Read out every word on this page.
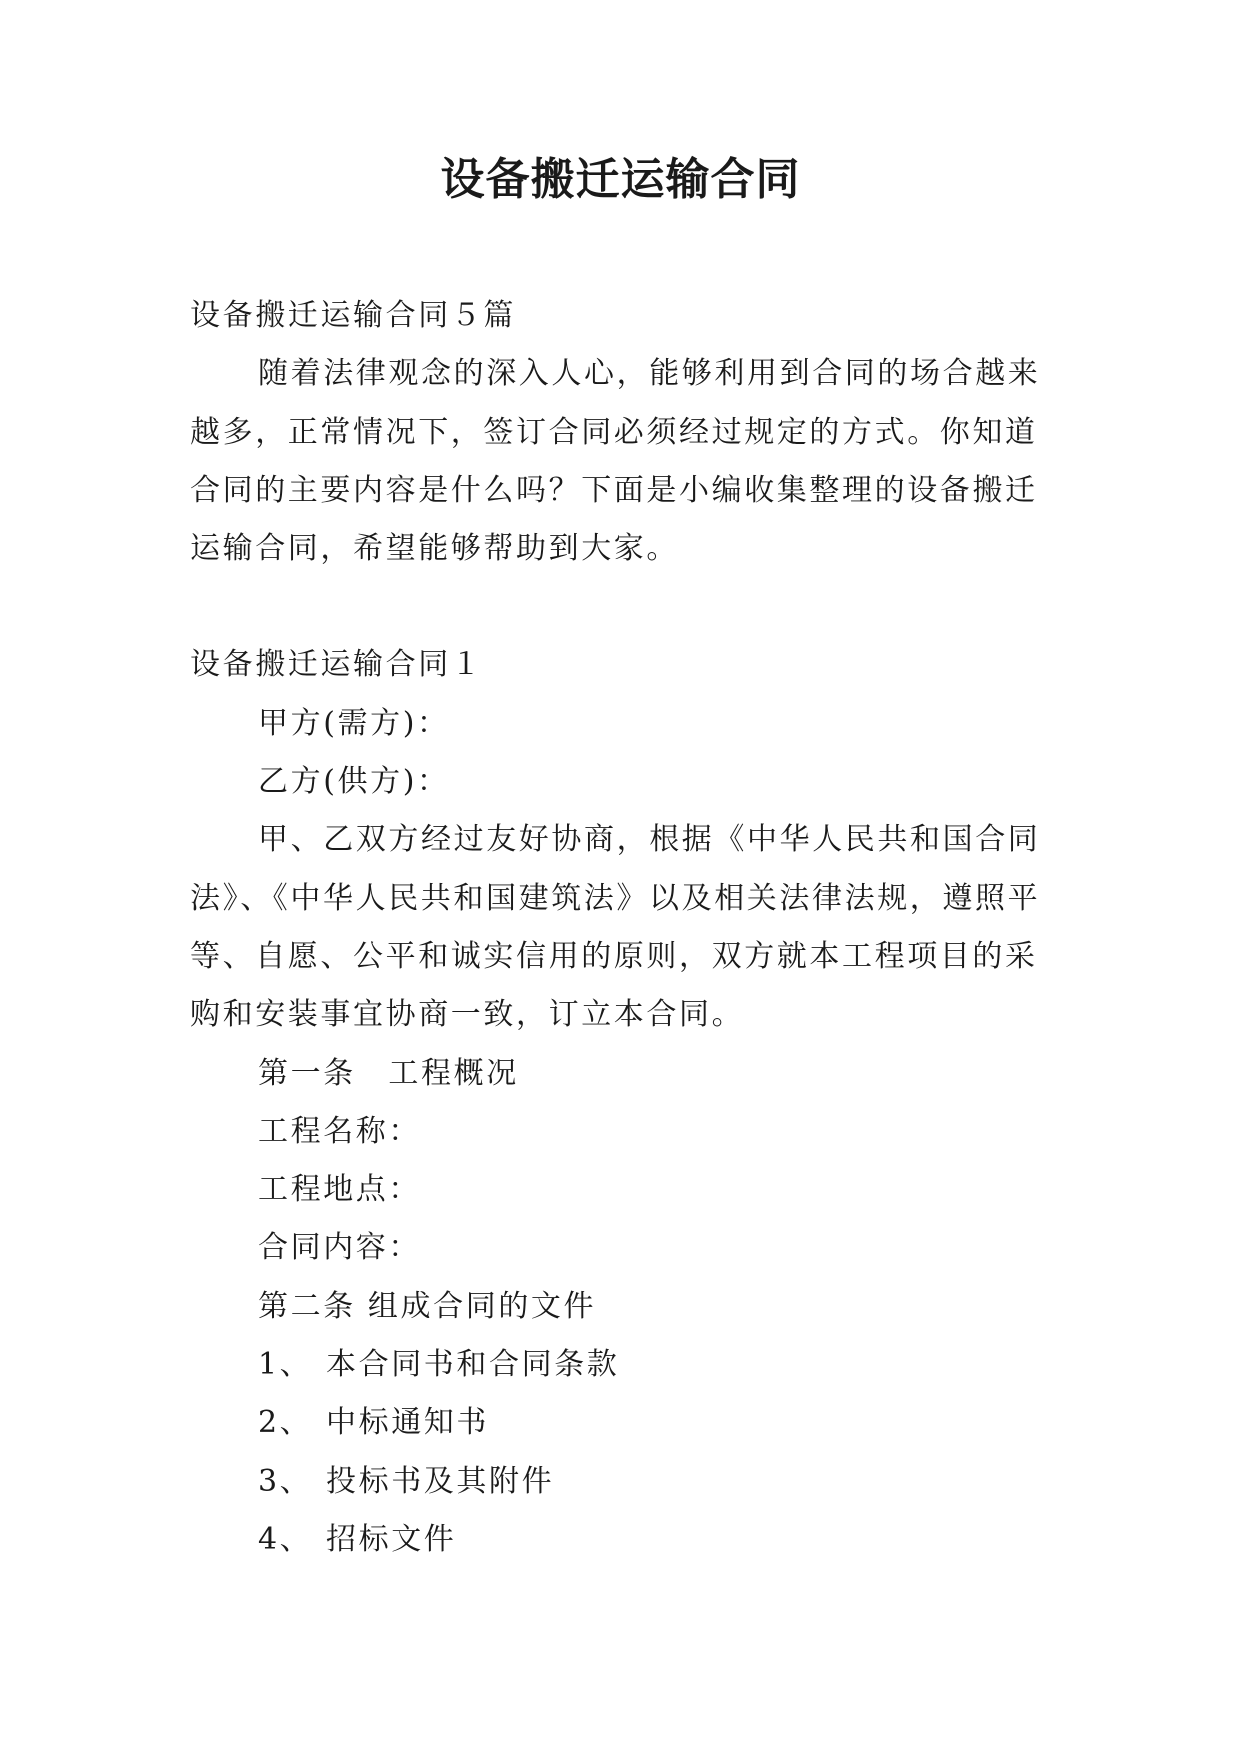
设备搬迁运输合同

设备搬迁运输合同５篇

随着法律观念的深入人心，能够利用到合同的场合越来越多，正常情况下，签订合同必须经过规定的方式。你知道合同的主要内容是什么吗？下面是小编收集整理的设备搬迁运输合同，希望能够帮助到大家。

设备搬迁运输合同１

甲方(需方)：

乙方(供方)：

甲、乙双方经过友好协商，根据《中华人民共和国合同法》、《中华人民共和国建筑法》以及相关法律法规，遵照平等、自愿、公平和诚实信用的原则，双方就本工程项目的采购和安装事宜协商一致，订立本合同。

第一条　工程概况

工程名称：

工程地点：

合同内容：

第二条 组成合同的文件

1、 本合同书和合同条款

2、 中标通知书

3、 投标书及其附件

4、 招标文件
